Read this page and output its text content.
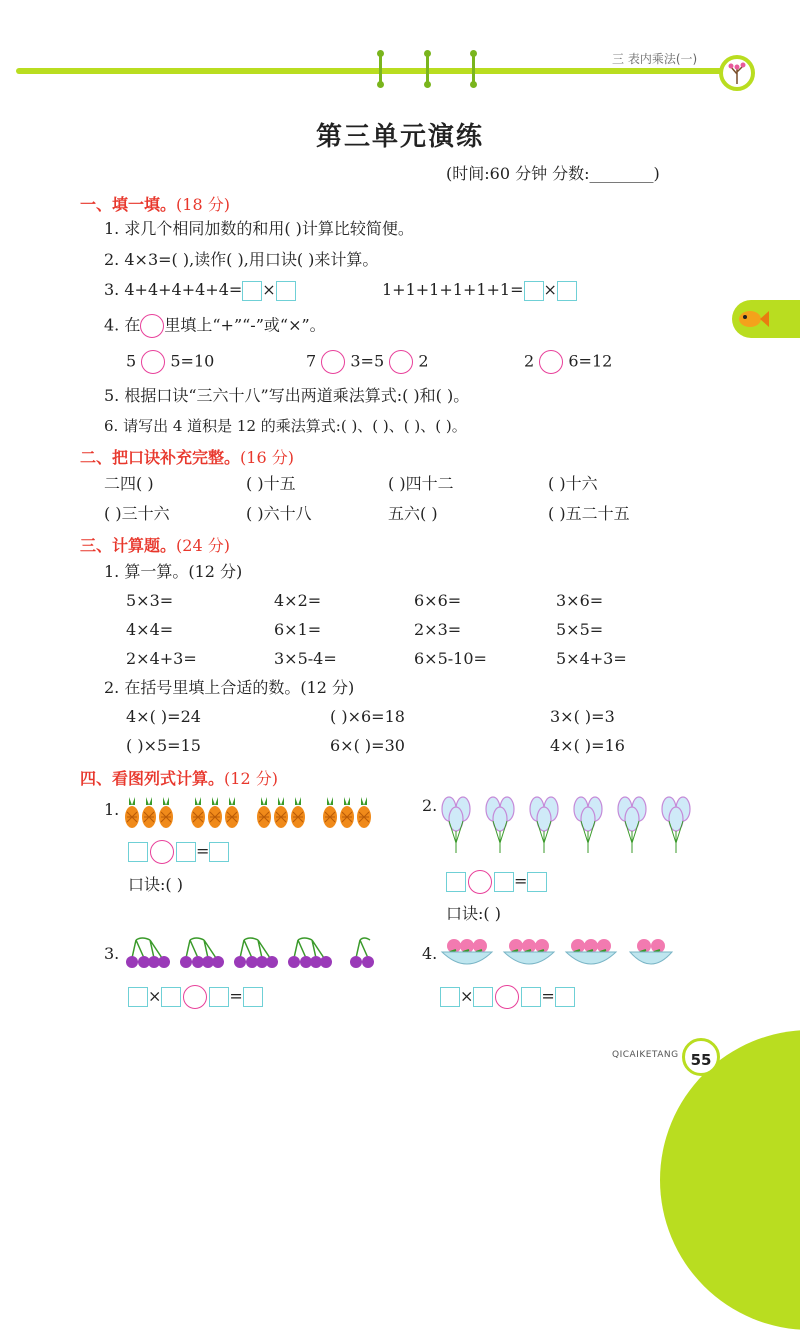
三 表内乘法(一)
第三单元演练
(时间:60 分钟 分数:________)
一、填一填。(18 分)
1. 求几个相同加数的和用( )计算比较简便。
2. 4×3=( ),读作( ),用口诀( )来计算。
3. 4+4+4+4+4= ×	1+1+1+1+1+1= ×
4. 在 里填上“+”“-”或“×”。
5 5=10	7 3=5 2	2 6=12
5. 根据口诀“三六十八”写出两道乘法算式:( )和( )。
6. 请写出 4 道积是 12 的乘法算式:( )、( )、( )、( )。
二、把口诀补充完整。(16 分)
二四( )	( )十五	( )四十二	( )十六
( )三十六	( )六十八	五六( )	( )五二十五
三、计算题。(24 分)
1. 算一算。(12 分)
5×3=	4×2=	6×6=	3×6=
4×4=	6×1=	2×3=	5×5=
2×4+3=	3×5-4=	6×5-10=	5×4+3=
2. 在括号里填上合适的数。(12 分)
4×( )=24	( )×6=18	3×( )=3
( )×5=15	6×( )=30	4×( )=16
四、看图列式计算。(12 分)
1.
=
口诀:( )
2.
=
口诀:( )
3.
×	=
4.
×	=
QICAIKETANG 55
